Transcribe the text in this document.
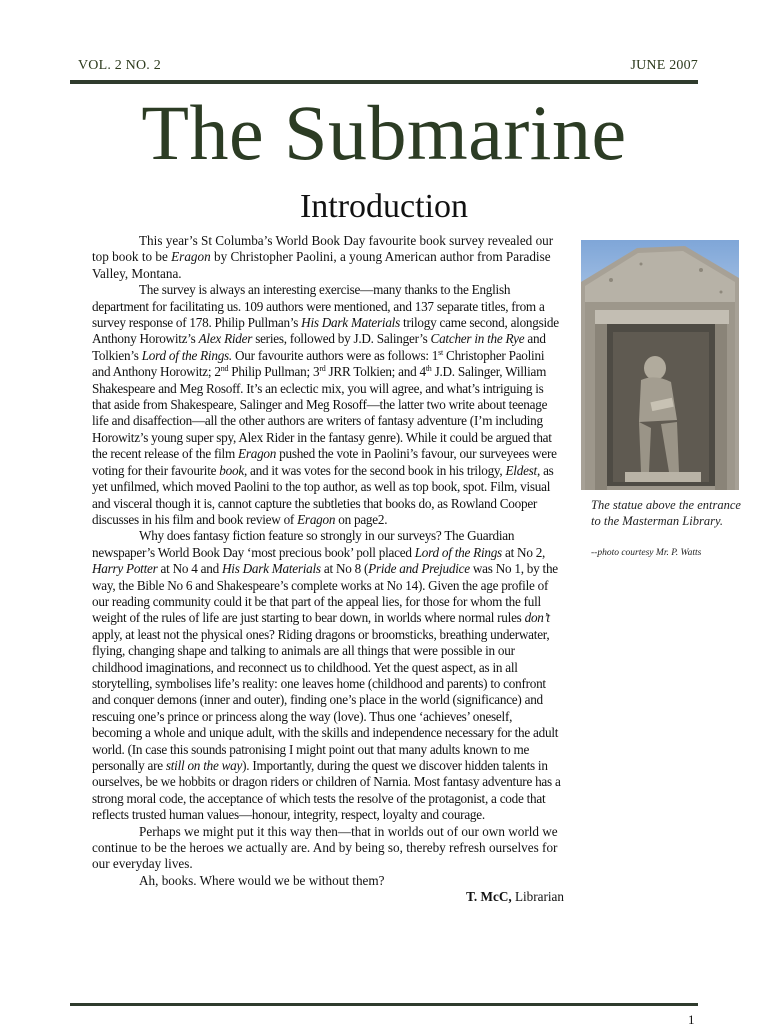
VOL. 2 NO. 2	JUNE 2007
The Submarine
Introduction

This year’s St Columba’s World Book Day favourite book survey revealed our top book to be Eragon by Christopher Paolini, a young American author from Paradise Valley, Montana.

The survey is always an interesting exercise—many thanks to the English department for facilitating us. 109 authors were mentioned, and 137 separate titles, from a survey response of 178. Philip Pullman’s His Dark Materials trilogy came second, alongside Anthony Horowitz’s Alex Rider series, followed by J.D. Salinger’s Catcher in the Rye and Tolkien’s Lord of the Rings. Our favourite authors were as follows: 1st Christopher Paolini and Anthony Horowitz; 2nd Philip Pullman; 3rd JRR Tolkien; and 4th J.D. Salinger, William Shakespeare and Meg Rosoff. It’s an eclectic mix, you will agree, and what’s intriguing is that aside from Shakespeare, Salinger and Meg Rosoff—the latter two write about teenage life and disaffection—all the other authors are writers of fantasy adventure (I’m including Horowitz’s young super spy, Alex Rider in the fantasy genre). While it could be argued that the recent release of the film Eragon pushed the vote in Paolini’s favour, our surveyees were voting for their favourite book, and it was votes for the second book in his trilogy, Eldest, as yet unfilmed, which moved Paolini to the top author, as well as top book, spot. Film, visual and visceral though it is, cannot capture the subtleties that books do, as Rowland Cooper discusses in his film and book review of Eragon on page2.

Why does fantasy fiction feature so strongly in our surveys? The Guardian newspaper’s World Book Day ‘most precious book’ poll placed Lord of the Rings at No 2, Harry Potter at No 4 and His Dark Materials at No 8 (Pride and Prejudice was No 1, by the way, the Bible No 6 and Shakespeare’s complete works at No 14). Given the age profile of our reading community could it be that part of the appeal lies, for those for whom the full weight of the rules of life are just starting to bear down, in worlds where normal rules don’t apply, at least not the physical ones? Riding dragons or broomsticks, breathing underwater, flying, changing shape and talking to animals are all things that were possible in our childhood imaginations, and reconnect us to childhood. Yet the quest aspect, as in all storytelling, symbolises life’s reality: one leaves home (childhood and parents) to confront and conquer demons (inner and outer), finding one’s place in the world (significance) and rescuing one’s prince or princess along the way (love). Thus one ‘achieves’ oneself, becoming a whole and unique adult, with the skills and independence necessary for the adult world. (In case this sounds patronising I might point out that many adults known to me personally are still on the way). Importantly, during the quest we discover hidden talents in ourselves, be we hobbits or dragon riders or children of Narnia. Most fantasy adventure has a strong moral code, the acceptance of which tests the resolve of the protagonist, a code that reflects trusted human values—honour, integrity, respect, loyalty and courage.

Perhaps we might put it this way then—that in worlds out of our own world we continue to be the heroes we actually are. And by being so, thereby refresh ourselves for our everyday lives.

Ah, books. Where would we be without them?

T. McC, Librarian

The statue above the entrance to the Masterman Library.
--photo courtesy Mr. P. Watts
1
